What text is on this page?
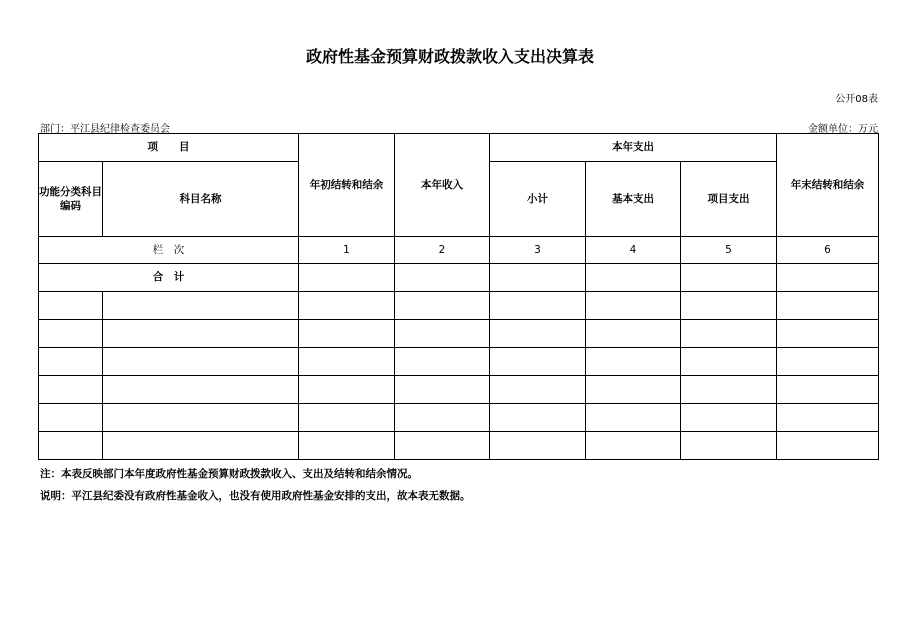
政府性基金预算财政拨款收入支出决算表
公开08表
部门：平江县纪律检查委员会	金额单位：万元
项　　目		年初结转和结余	本年收入	本年支出			年末结转和结余
功能分类科目编码	科目名称			小计	基本支出	项目支出	
栏　次		1	2	3	4	5	6
合　计							

注：本表反映部门本年度政府性基金预算财政拨款收入、支出及结转和结余情况。
说明：平江县纪委没有政府性基金收入，也没有使用政府性基金安排的支出，故本表无数据。
